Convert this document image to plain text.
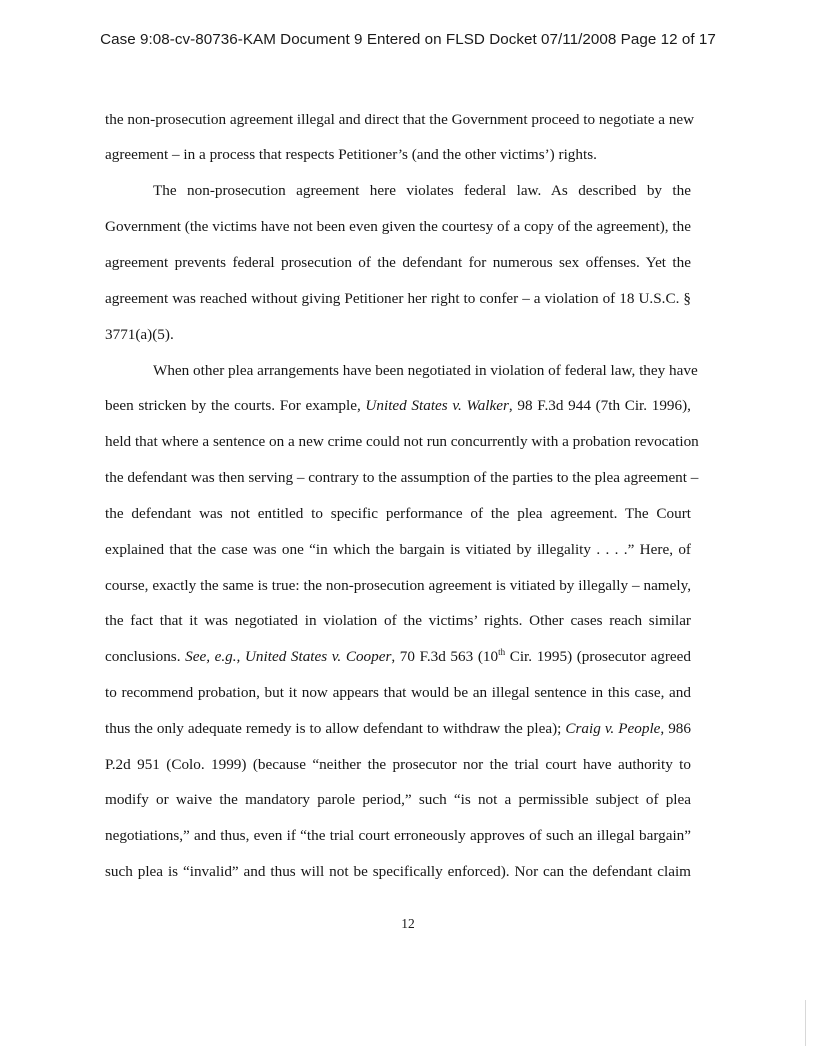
Case 9:08-cv-80736-KAM Document 9 Entered on FLSD Docket 07/11/2008 Page 12 of 17
the non-prosecution agreement illegal and direct that the Government proceed to negotiate a new
agreement – in a process that respects Petitioner’s (and the other victims’) rights.
The non-prosecution agreement here violates federal law. As described by the
Government (the victims have not been even given the courtesy of a copy of the agreement), the
agreement prevents federal prosecution of the defendant for numerous sex offenses. Yet the
agreement was reached without giving Petitioner her right to confer – a violation of 18 U.S.C. §
3771(a)(5).
When other plea arrangements have been negotiated in violation of federal law, they have
been stricken by the courts. For example, United States v. Walker, 98 F.3d 944 (7th Cir. 1996),
held that where a sentence on a new crime could not run concurrently with a probation revocation
the defendant was then serving – contrary to the assumption of the parties to the plea agreement –
the defendant was not entitled to specific performance of the plea agreement. The Court
explained that the case was one “in which the bargain is vitiated by illegality . . . .” Here, of
course, exactly the same is true: the non-prosecution agreement is vitiated by illegally – namely,
the fact that it was negotiated in violation of the victims’ rights. Other cases reach similar
conclusions. See, e.g., United States v. Cooper, 70 F.3d 563 (10th Cir. 1995) (prosecutor agreed
to recommend probation, but it now appears that would be an illegal sentence in this case, and
thus the only adequate remedy is to allow defendant to withdraw the plea); Craig v. People, 986
P.2d 951 (Colo. 1999) (because “neither the prosecutor nor the trial court have authority to
modify or waive the mandatory parole period,” such “is not a permissible subject of plea
negotiations,” and thus, even if “the trial court erroneously approves of such an illegal bargain”
such plea is “invalid” and thus will not be specifically enforced). Nor can the defendant claim
12
